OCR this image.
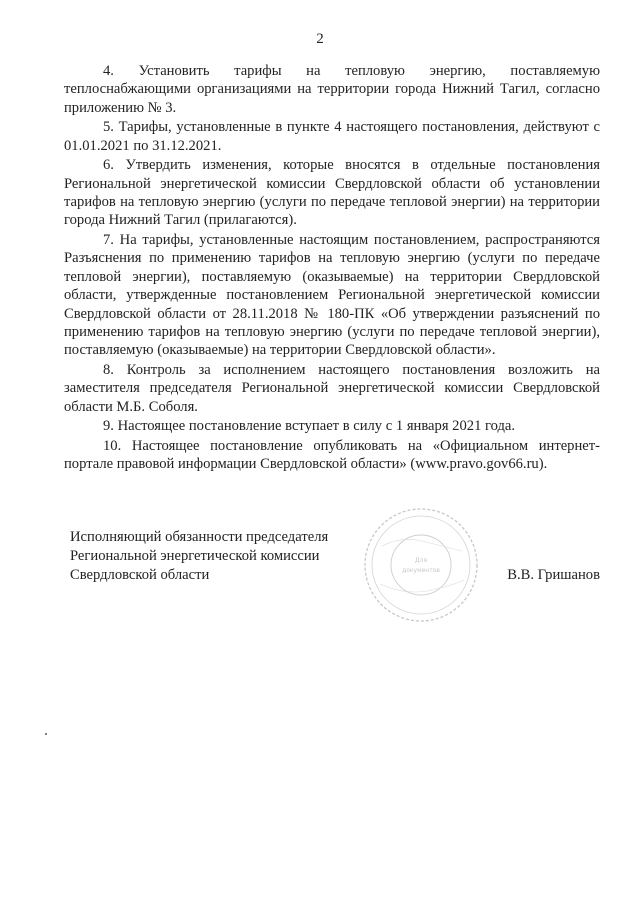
2

4. Установить тарифы на тепловую энергию, поставляемую теплоснабжающими организациями на территории города Нижний Тагил, согласно приложению № 3.

5. Тарифы, установленные в пункте 4 настоящего постановления, действуют с 01.01.2021 по 31.12.2021.

6. Утвердить изменения, которые вносятся в отдельные постановления Региональной энергетической комиссии Свердловской области об установлении тарифов на тепловую энергию (услуги по передаче тепловой энергии) на территории города Нижний Тагил (прилагаются).

7. На тарифы, установленные настоящим постановлением, распространяются Разъяснения по применению тарифов на тепловую энергию (услуги по передаче тепловой энергии), поставляемую (оказываемые) на территории Свердловской области, утвержденные постановлением Региональной энергетической комиссии Свердловской области от 28.11.2018 № 180-ПК «Об утверждении разъяснений по применению тарифов на тепловую энергию (услуги по передаче тепловой энергии), поставляемую (оказываемые) на территории Свердловской области».

8. Контроль за исполнением настоящего постановления возложить на заместителя председателя Региональной энергетической комиссии Свердловской области М.Б. Соболя.

9. Настоящее постановление вступает в силу с 1 января 2021 года.

10. Настоящее постановление опубликовать на «Официальном интернет-портале правовой информации Свердловской области» (www.pravo.gov66.ru).

Исполняющий обязанности председателя
Региональной энергетической комиссии
Свердловской области
Для
документов	В.В. Гришанов
